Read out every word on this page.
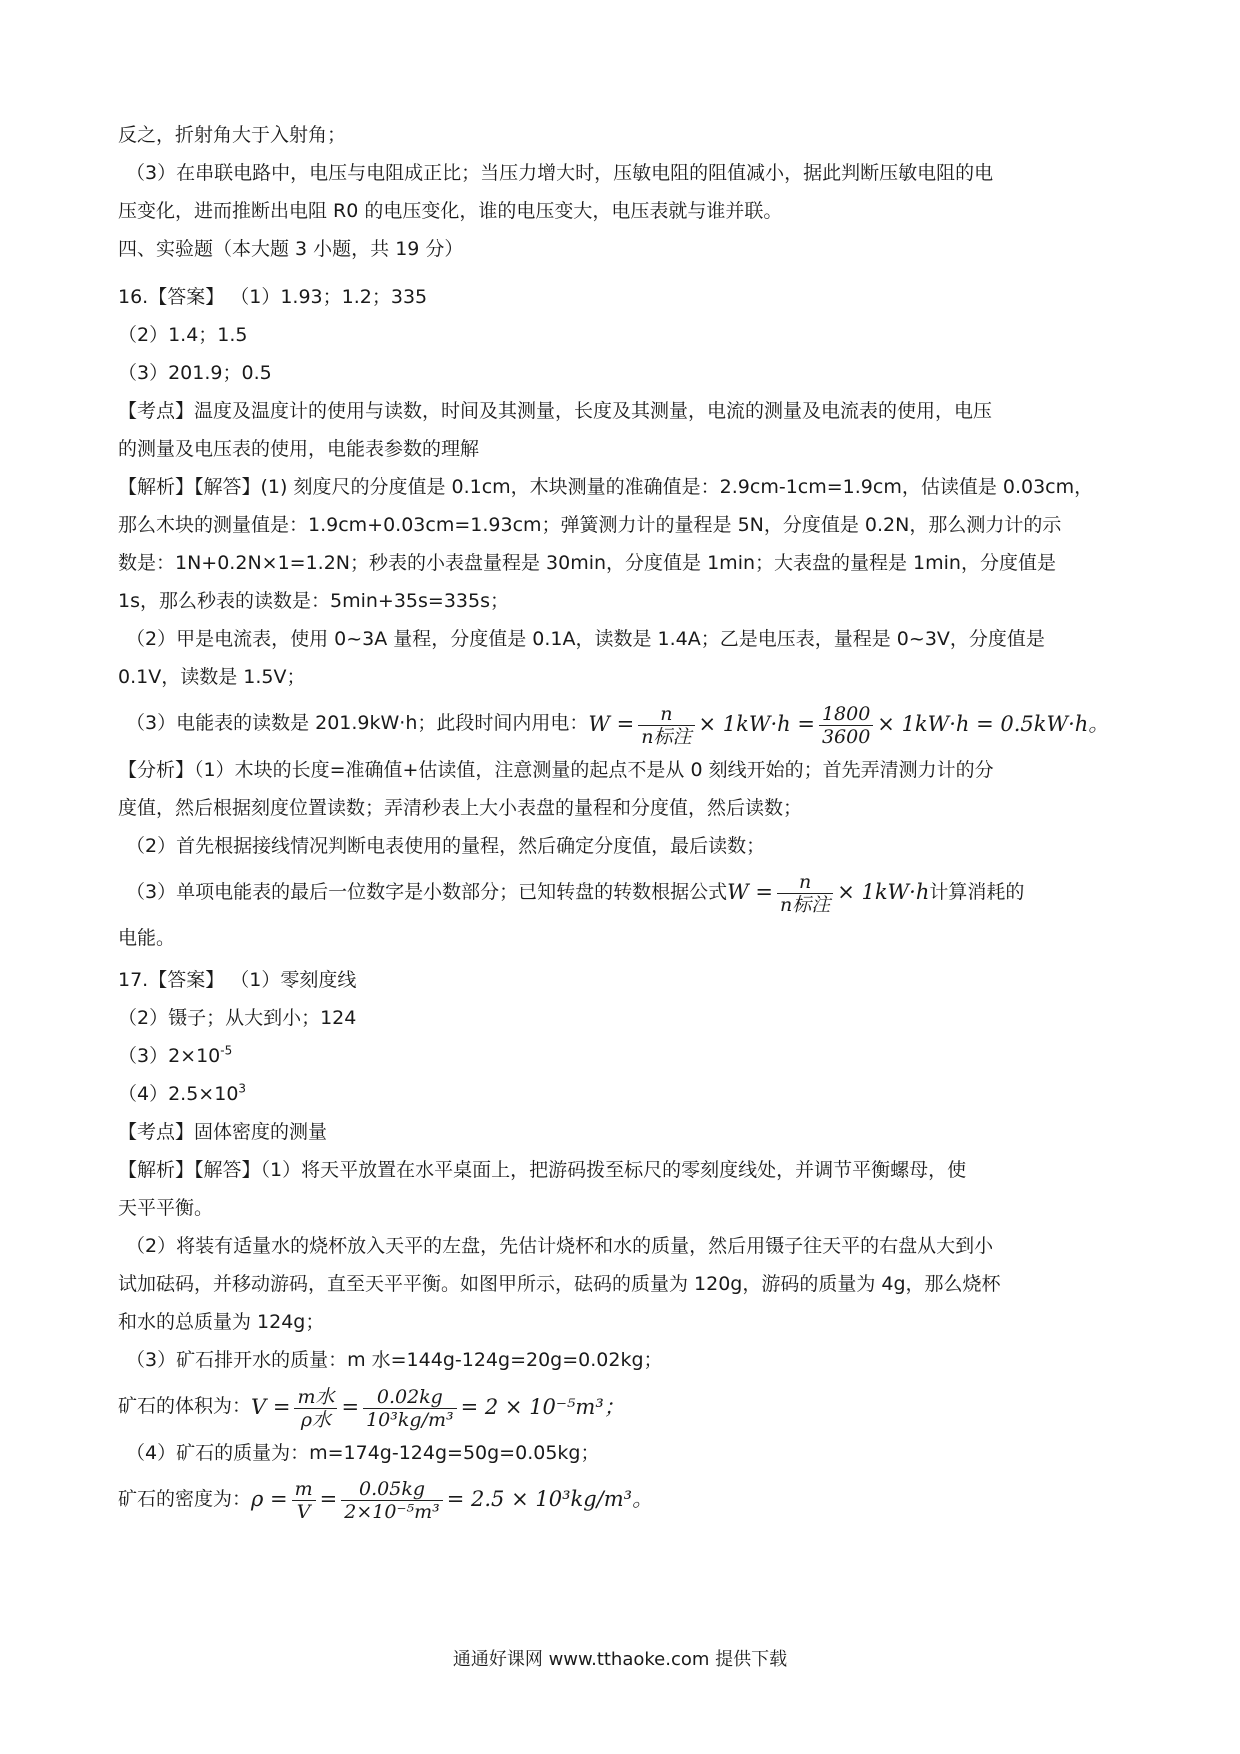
反之，折射角大于入射角；

（3）在串联电路中，电压与电阻成正比；当压力增大时，压敏电阻的阻值减小，据此判断压敏电阻的电

压变化，进而推断出电阻 R0 的电压变化，谁的电压变大，电压表就与谁并联。

四、实验题（本大题 3 小题，共 19 分）

16.【答案】 （1）1.93；1.2；335

（2）1.4；1.5

（3）201.9；0.5

【考点】温度及温度计的使用与读数，时间及其测量，长度及其测量，电流的测量及电流表的使用，电压

的测量及电压表的使用，电能表参数的理解

【解析】【解答】(1) 刻度尺的分度值是 0.1cm，木块测量的准确值是：2.9cm-1cm=1.9cm，估读值是 0.03cm，

那么木块的测量值是：1.9cm+0.03cm=1.93cm；弹簧测力计的量程是 5N，分度值是 0.2N，那么测力计的示

数是：1N+0.2N×1=1.2N；秒表的小表盘量程是 30min，分度值是 1min；大表盘的量程是 1min，分度值是

1s，那么秒表的读数是：5min+35s=335s；

（2）甲是电流表，使用 0~3A 量程，分度值是 0.1A，读数是 1.4A；乙是电压表，量程是 0~3V，分度值是

0.1V，读数是 1.5V；

（3）电能表的读数是 201.9kW·h；此段时间内用电：$W = \frac{n}{\text{n标注}} \times 1kW\cdot h = \frac{1800}{3600} \times 1kW\cdot h = 0.5kW\cdot h$。

【分析】（1）木块的长度=准确值+估读值，注意测量的起点不是从 0 刻线开始的；首先弄清测力计的分

度值，然后根据刻度位置读数；弄清秒表上大小表盘的量程和分度值，然后读数；

（2）首先根据接线情况判断电表使用的量程，然后确定分度值，最后读数；

（3）单项电能表的最后一位数字是小数部分；已知转盘的转数根据公式$W = \frac{n}{\text{n标注}} \times 1kW\cdot h$计算消耗的

电能。

17.【答案】 （1）零刻度线

（2）镊子；从大到小；124

$(3)2\times 10^{-5}$

$(4)2.5\times 10^3$

【考点】固体密度的测量

【解析】【解答】（1）将天平放置在水平桌面上，把游码拨至标尺的零刻度线处，并调节平衡螺母，使

天平平衡。

（2）将装有适量水的烧杯放入天平的左盘，先估计烧杯和水的质量，然后用镊子往天平的右盘从大到小

试加砝码，并移动游码，直至天平平衡。如图甲所示，砝码的质量为 120g，游码的质量为 4g，那么烧杯

和水的总质量为 124g；

（3）矿石排开水的质量：m 水=144g-124g=20g=0.02kg；

矿石的体积为：$V = \frac{\text{m水}}{\text{ρ水}} = \frac{0.02kg}{\text{10³kg/m³}} = 2 \times 10^{-5}m^3$；

（4）矿石的质量为：m=174g-124g=50g=0.05kg；

矿石的密度为：$\rho = \frac{m}{V} = \frac{0.05kg}{\text{2×10⁻⁵m³}} = 2.5 \times 10^3kg/m^3$。

通通好课网 www.tthaoke.com 提供下载
